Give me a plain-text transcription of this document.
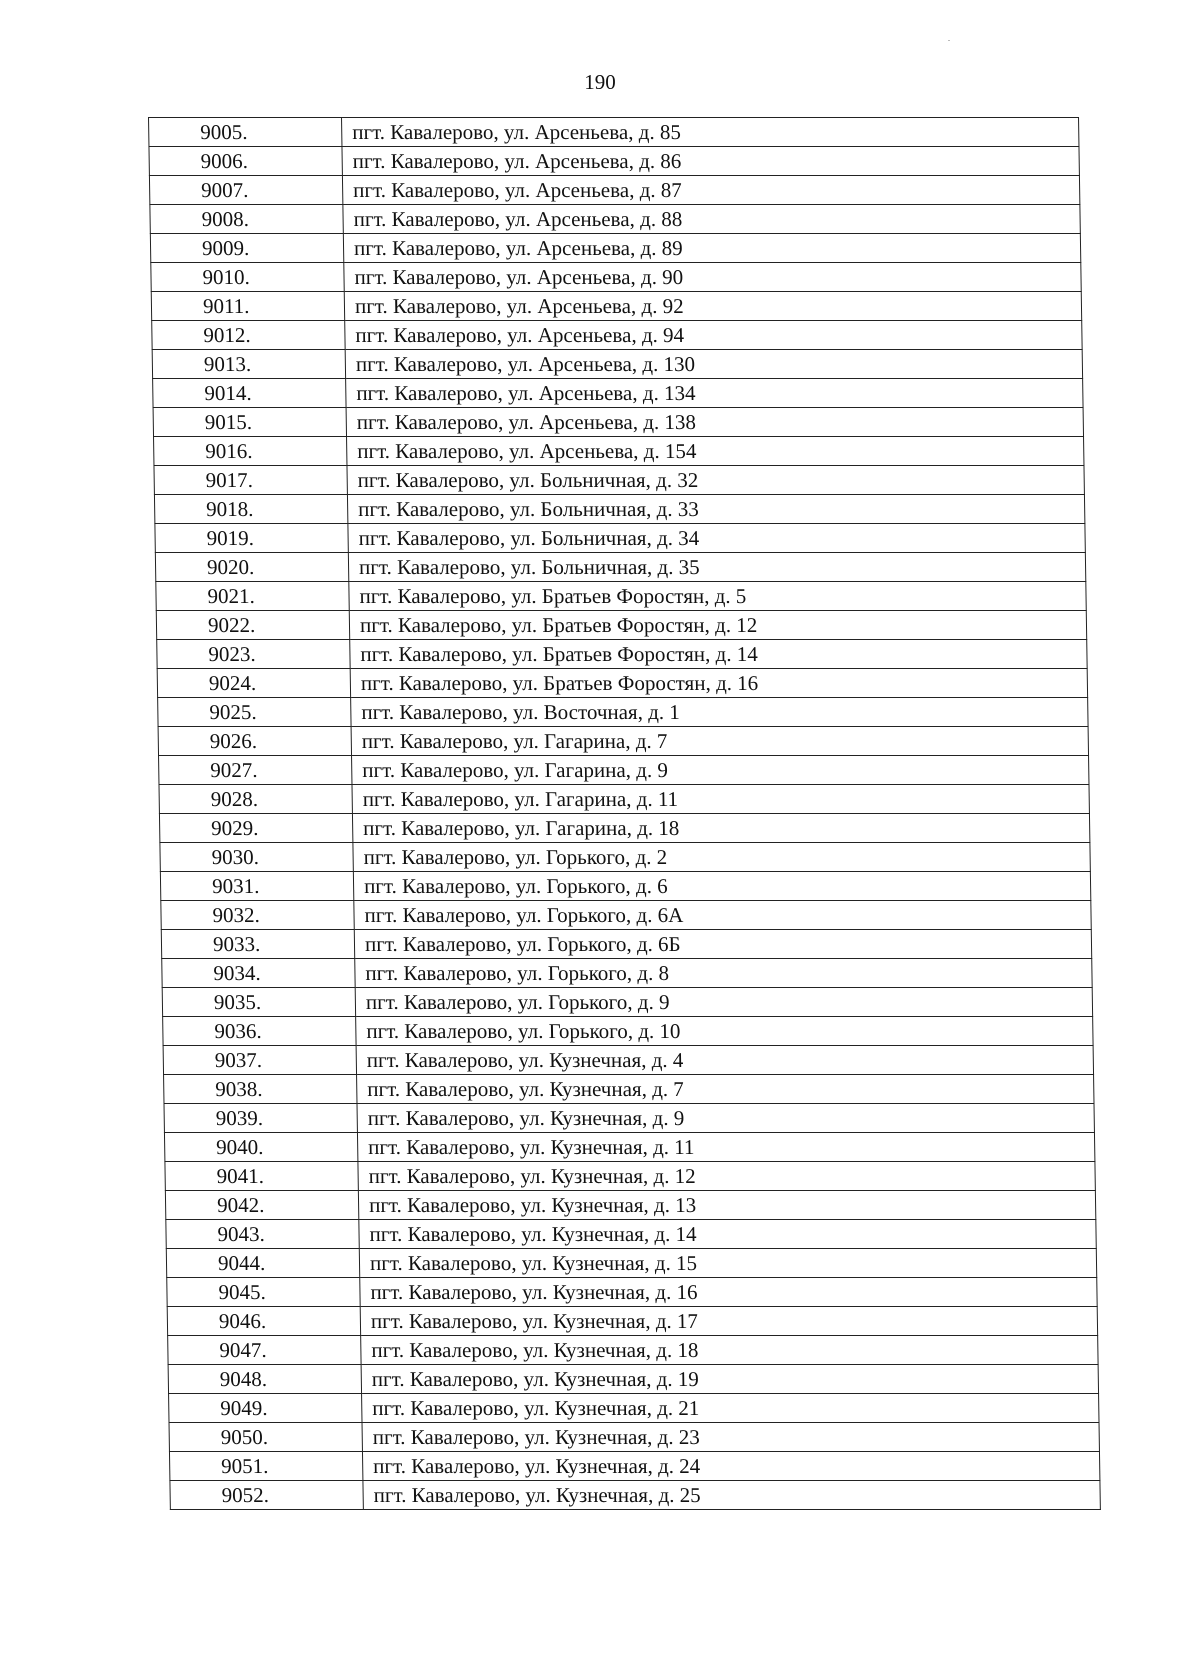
190
9005.	пгт. Кавалерово, ул. Арсеньева, д. 85
9006.	пгт. Кавалерово, ул. Арсеньева, д. 86
9007.	пгт. Кавалерово, ул. Арсеньева, д. 87
9008.	пгт. Кавалерово, ул. Арсеньева, д. 88
9009.	пгт. Кавалерово, ул. Арсеньева, д. 89
9010.	пгт. Кавалерово, ул. Арсеньева, д. 90
9011.	пгт. Кавалерово, ул. Арсеньева, д. 92
9012.	пгт. Кавалерово, ул. Арсеньева, д. 94
9013.	пгт. Кавалерово, ул. Арсеньева, д. 130
9014.	пгт. Кавалерово, ул. Арсеньева, д. 134
9015.	пгт. Кавалерово, ул. Арсеньева, д. 138
9016.	пгт. Кавалерово, ул. Арсеньева, д. 154
9017.	пгт. Кавалерово, ул. Больничная, д. 32
9018.	пгт. Кавалерово, ул. Больничная, д. 33
9019.	пгт. Кавалерово, ул. Больничная, д. 34
9020.	пгт. Кавалерово, ул. Больничная, д. 35
9021.	пгт. Кавалерово, ул. Братьев Форостян, д. 5
9022.	пгт. Кавалерово, ул. Братьев Форостян, д. 12
9023.	пгт. Кавалерово, ул. Братьев Форостян, д. 14
9024.	пгт. Кавалерово, ул. Братьев Форостян, д. 16
9025.	пгт. Кавалерово, ул. Восточная, д. 1
9026.	пгт. Кавалерово, ул. Гагарина, д. 7
9027.	пгт. Кавалерово, ул. Гагарина, д. 9
9028.	пгт. Кавалерово, ул. Гагарина, д. 11
9029.	пгт. Кавалерово, ул. Гагарина, д. 18
9030.	пгт. Кавалерово, ул. Горького, д. 2
9031.	пгт. Кавалерово, ул. Горького, д. 6
9032.	пгт. Кавалерово, ул. Горького, д. 6А
9033.	пгт. Кавалерово, ул. Горького, д. 6Б
9034.	пгт. Кавалерово, ул. Горького, д. 8
9035.	пгт. Кавалерово, ул. Горького, д. 9
9036.	пгт. Кавалерово, ул. Горького, д. 10
9037.	пгт. Кавалерово, ул. Кузнечная, д. 4
9038.	пгт. Кавалерово, ул. Кузнечная, д. 7
9039.	пгт. Кавалерово, ул. Кузнечная, д. 9
9040.	пгт. Кавалерово, ул. Кузнечная, д. 11
9041.	пгт. Кавалерово, ул. Кузнечная, д. 12
9042.	пгт. Кавалерово, ул. Кузнечная, д. 13
9043.	пгт. Кавалерово, ул. Кузнечная, д. 14
9044.	пгт. Кавалерово, ул. Кузнечная, д. 15
9045.	пгт. Кавалерово, ул. Кузнечная, д. 16
9046.	пгт. Кавалерово, ул. Кузнечная, д. 17
9047.	пгт. Кавалерово, ул. Кузнечная, д. 18
9048.	пгт. Кавалерово, ул. Кузнечная, д. 19
9049.	пгт. Кавалерово, ул. Кузнечная, д. 21
9050.	пгт. Кавалерово, ул. Кузнечная, д. 23
9051.	пгт. Кавалерово, ул. Кузнечная, д. 24
9052.	пгт. Кавалерово, ул. Кузнечная, д. 25
